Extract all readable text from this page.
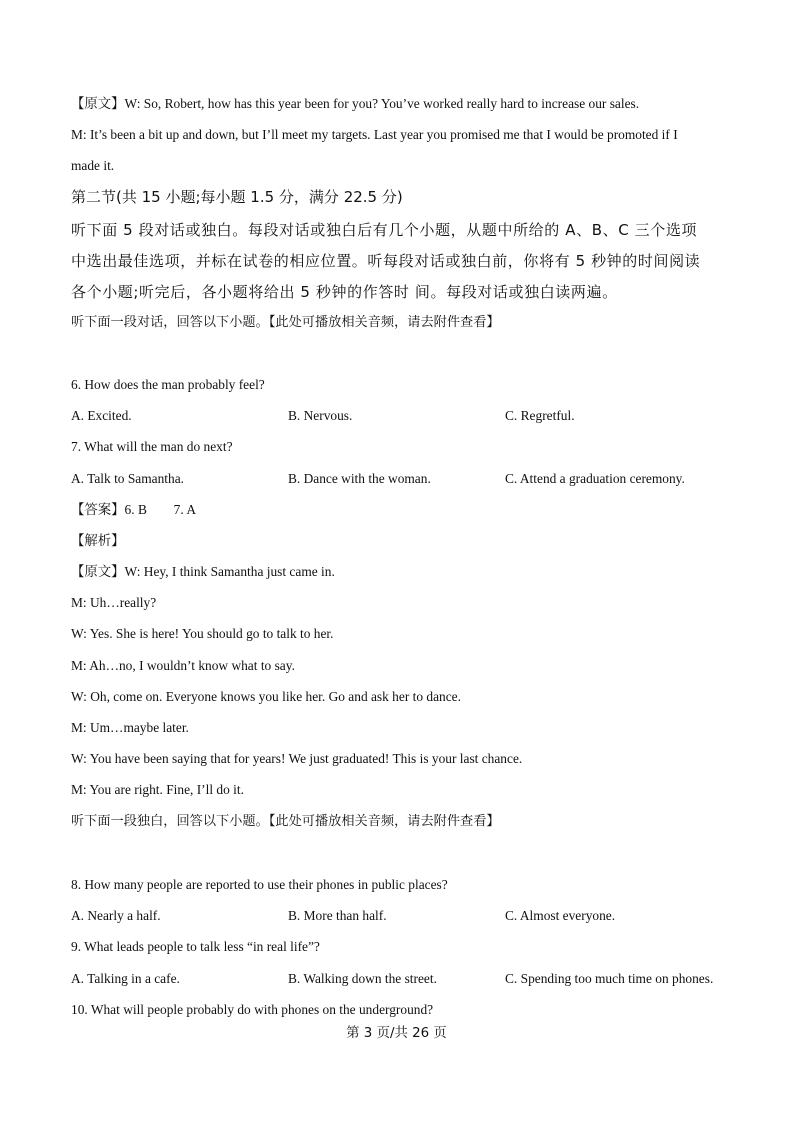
【原文】W: So, Robert, how has this year been for you? You’ve worked really hard to increase our sales.
M: It’s been a bit up and down, but I’ll meet my targets. Last year you promised me that I would be promoted if I
made it.
第二节(共 15 小题;每小题 1.5 分，满分 22.5 分)
听下面 5 段对话或独白。每段对话或独白后有几个小题，从题中所给的 A、B、C 三个选项
中选出最佳选项，并标在试卷的相应位置。听每段对话或独白前，你将有 5 秒钟的时间阅读
各个小题;听完后，各小题将给出 5 秒钟的作答时 间。每段对话或独白读两遍。
听下面一段对话，回答以下小题。【此处可播放相关音频，请去附件查看】
6. How does the man probably feel?
A. Excited.	B. Nervous.	C. Regretful.
7. What will the man do next?
A. Talk to Samantha.	B. Dance with the woman.	C. Attend a graduation ceremony.
【答案】6. B        7. A
【解析】
【原文】W: Hey, I think Samantha just came in.
M: Uh…really?
W: Yes. She is here! You should go to talk to her.
M: Ah…no, I wouldn’t know what to say.
W: Oh, come on. Everyone knows you like her. Go and ask her to dance.
M: Um…maybe later.
W: You have been saying that for years! We just graduated! This is your last chance.
M: You are right. Fine, I’ll do it.
听下面一段独白，回答以下小题。【此处可播放相关音频，请去附件查看】
8. How many people are reported to use their phones in public places?
A. Nearly a half.	B. More than half.	C. Almost everyone.
9. What leads people to talk less “in real life”?
A. Talking in a cafe.	B. Walking down the street.	C. Spending too much time on phones.
10. What will people probably do with phones on the underground?
第 3 页/共 26 页
